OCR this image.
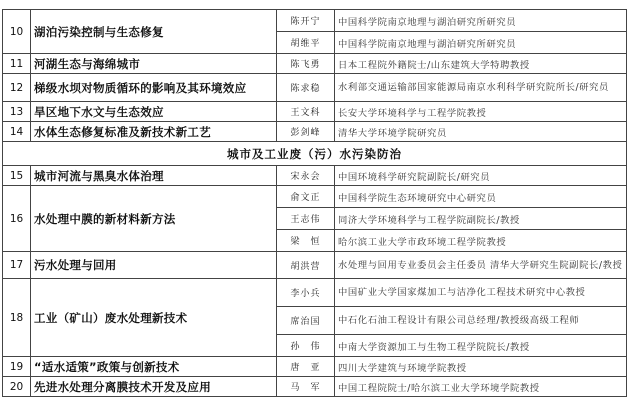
10	湖泊污染控制与生态修复	陈开宁	中国科学院南京地理与湖泊研究所研究员
		胡维平	中国科学院南京地理与湖泊研究所研究员
11	河湖生态与海绵城市	陈飞勇	日本工程院外籍院士/山东建筑大学特聘教授
12	梯级水坝对物质循环的影响及其环境效应	陈求稳	水利部交通运输部国家能源局南京水利科学研究院所长/研究员
13	旱区地下水文与生态效应	王文科	长安大学环境科学与工程学院教授
14	水体生态修复标准及新技术新工艺	彭剑峰	清华大学环境学院研究员
城市及工业废（污）水污染防治			
15	城市河流与黑臭水体治理	宋永会	中国环境科学研究院副院长/研究员
16	水处理中膜的新材料新方法	俞文正	中国科学院生态环境研究中心研究员
		王志伟	同济大学环境科学与工程学院副院长/教授
		梁　恒	哈尔滨工业大学市政环境工程学院教授
17	污水处理与回用	胡洪营	水处理与回用专业委员会主任委员 清华大学研究生院副院长/教授
18	工业（矿山）废水处理新技术	李小兵	中国矿业大学国家煤加工与洁净化工程技术研究中心教授
		席治国	中石化石油工程设计有限公司总经理/教授级高级工程师
		孙　伟	中南大学资源加工与生物工程学院院长/教授
19	“适水适策”政策与创新技术	唐　亚	四川大学建筑与环境学院教授
20	先进水处理分离膜技术开发及应用	马　军	中国工程院院士/哈尔滨工业大学环境学院教授
